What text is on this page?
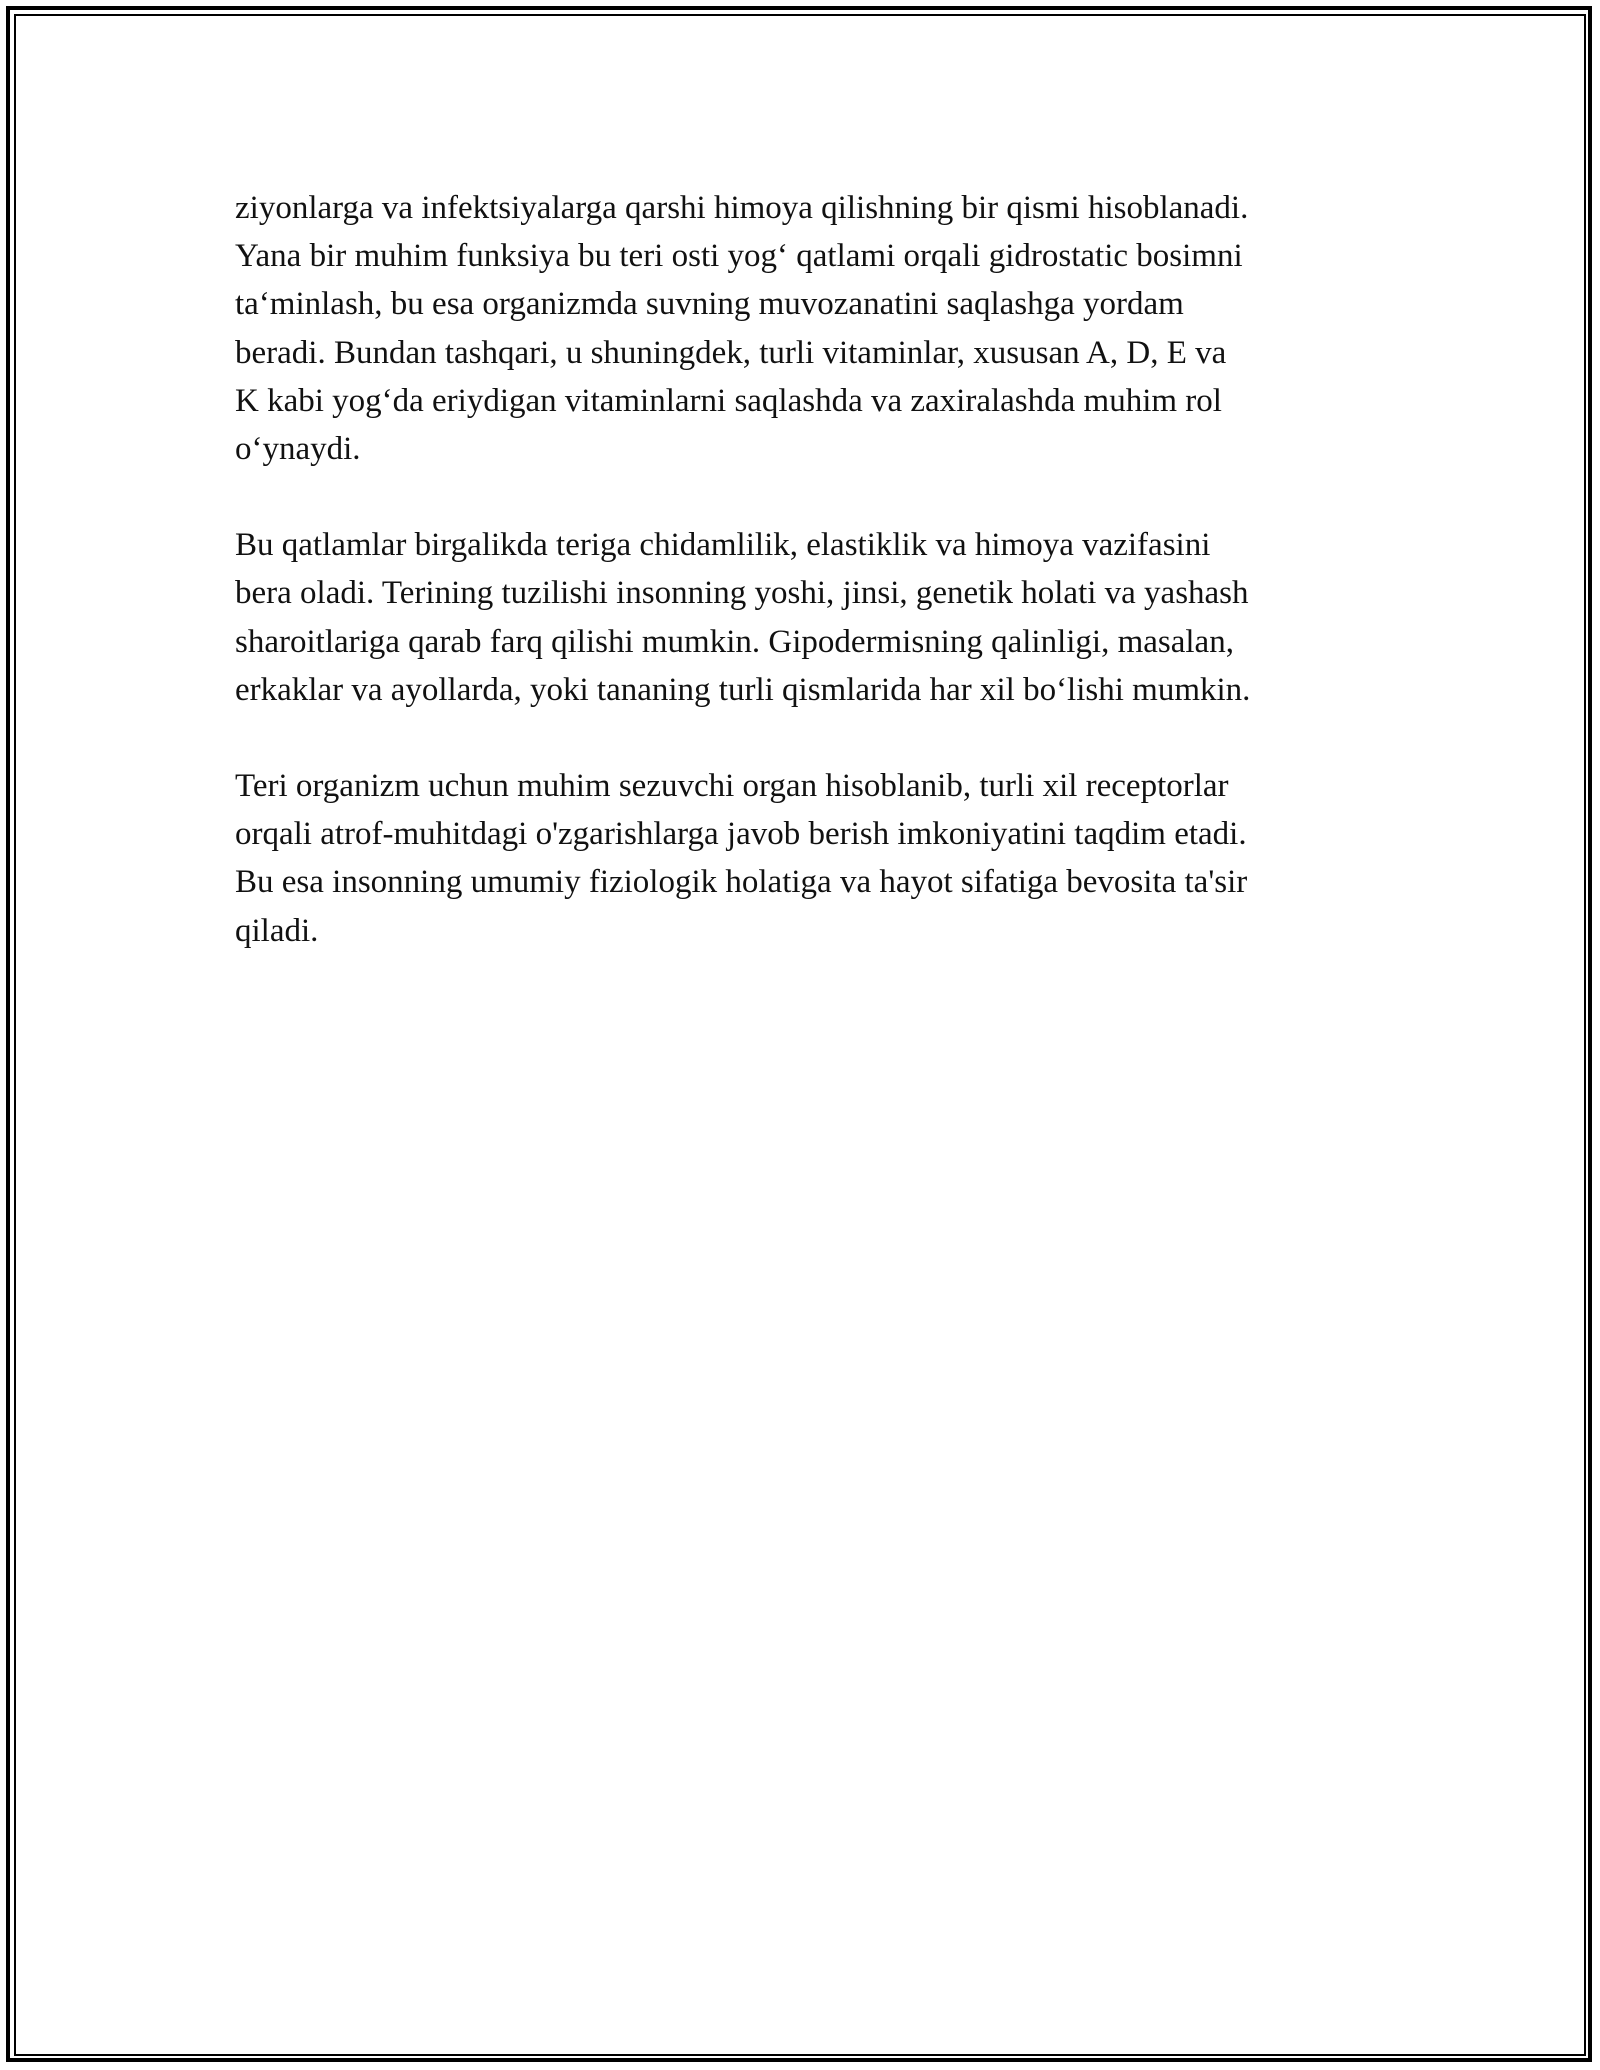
ziyonlarga va infektsiyalarga qarshi himoya qilishning bir qismi hisoblanadi.
Yana bir muhim funksiya bu teri osti yog‘ qatlami orqali gidrostatic bosimni
ta‘minlash, bu esa organizmda suvning muvozanatini saqlashga yordam
beradi. Bundan tashqari, u shuningdek, turli vitaminlar, xususan A, D, E va
K kabi yog‘da eriydigan vitaminlarni saqlashda va zaxiralashda muhim rol
o‘ynaydi.

Bu qatlamlar birgalikda teriga chidamlilik, elastiklik va himoya vazifasini
bera oladi. Terining tuzilishi insonning yoshi, jinsi, genetik holati va yashash
sharoitlariga qarab farq qilishi mumkin. Gipodermisning qalinligi, masalan,
erkaklar va ayollarda, yoki tananing turli qismlarida har xil bo‘lishi mumkin.

Teri organizm uchun muhim sezuvchi organ hisoblanib, turli xil receptorlar
orqali atrof-muhitdagi o'zgarishlarga javob berish imkoniyatini taqdim etadi.
Bu esa insonning umumiy fiziologik holatiga va hayot sifatiga bevosita ta'sir
qiladi.
